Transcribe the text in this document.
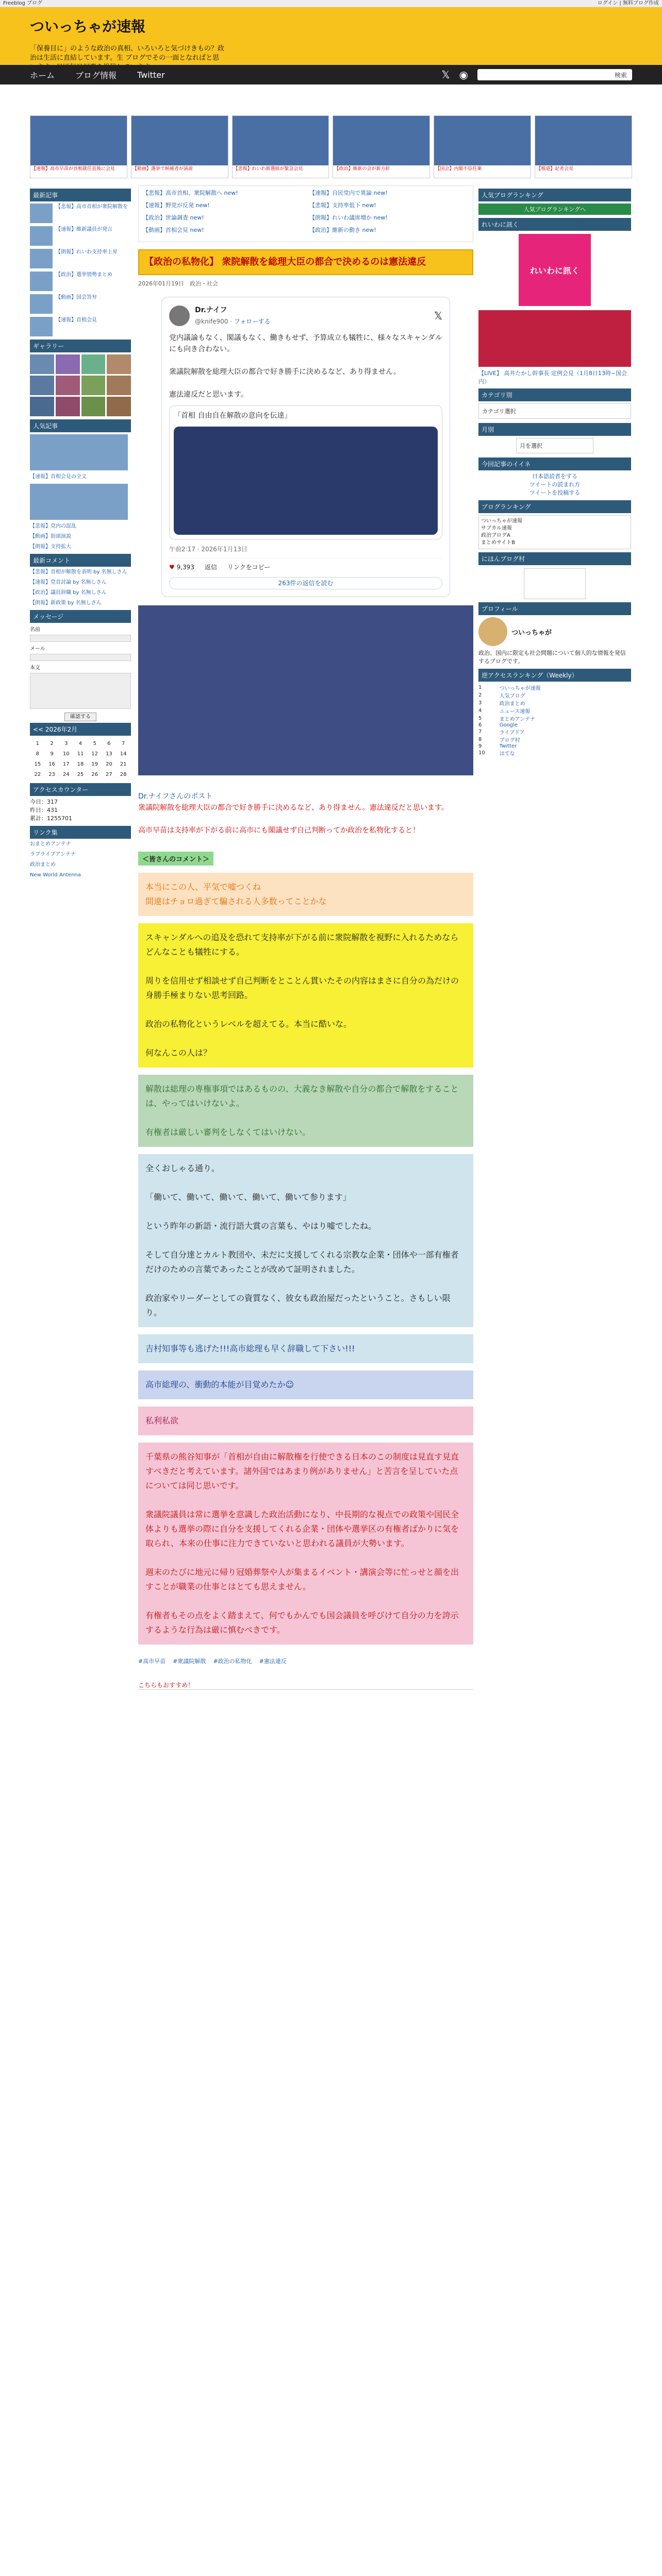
Freeblog ブログ	ログイン | 無料ブログ作成
ついっちゃが速報
「保養目に」のような政治の真相、いろいろと気づけきもの？政治は生活に直結しています。生 ブログでその一面となればと思
ホーム	ブログ情報	Twitter	𝕏 ◉	検索
【速報】高市早苗が首相就任直後に会見	【動画】選挙で候補者が演説	【悲報】れいわ新選組が緊急会見	【政治】維新の会が新方針	【国会】内閣不信任案	【報道】記者会見
最新記事
【悲報】高市首相が衆院解散を
【速報】維新議員が発言
【朗報】れいわ支持率上昇
【政治】選挙情勢まとめ
【動画】国会答弁
【速報】首相会見
ギャラリー
人気記事
【速報】首相会見の全文
【悲報】党内の混乱
【動画】街頭演説
【朗報】支持拡大
最新コメント
【悲報】首相が解散を表明 by 名無しさん
【速報】党首討論 by 名無しさん
【政治】議員辞職 by 名無しさん
【朗報】新政策 by 名無しさん
メッセージ
名前
メール
本文
確認する
<< 2026年2月
1	2	3	4	5	6	7
8	9	10	11	12	13	14
15	16	17	18	19	20	21
22	23	24	25	26	27	28
アクセスカウンター
今日：317
昨日：431
累計：1255701
リンク集
おまとめアンテナ
ラブライブアンテナ
政治まとめ
New World Antenna

【悲報】高市首相、衆院解散へ new!

【速報】野党が反発 new!

【政治】世論調査 new!

【動画】首相会見 new!

【速報】自民党内で異論 new!

【悲報】支持率低下 new!

【朗報】れいわ議席増か new!

【政治】維新の動き new!

【政治の私物化】 衆院解散を総理大臣の都合で決めるのは憲法違反
2026年01月19日　政治・社会
Dr.ナイフ
@knife900 · フォローする	𝕏

党内議論もなく、閣議もなく、働きもせず、予算成立も犠牲に、様々なスキャンダルにも向き合わない。

衆議院解散を総理大臣の都合で好き勝手に決めるなど、あり得ません。

憲法違反だと思います。

「首相 自由自在解散の意向を伝達」
午前2:17 · 2026年1月13日
♥ 9,393 返信 リンクをコピー
263件の返信を読む
Dr.ナイフさんのポスト
衆議院解散を総理大臣の都合で好き勝手に決めるなど、あり得ません。憲法違反だと思います。

高市早苗は支持率が下がる前に高市にも閣議せず自己判断ってか政治を私物化すると！
＜皆さんのコメント＞
本当にこの人、平気で嘘つくね
間違はチョロ過ぎて騙される人多数ってことかな
スキャンダルへの追及を恐れて支持率が下がる前に衆院解散を視野に入れるためならどんなことも犠牲にする。

周りを信用せず相談せず自己判断をとことん貫いたその内容はまさに自分の為だけの身勝手極まりない思考回路。

政治の私物化というレベルを超えてる。本当に酷いな。

何なんこの人は？
解散は総理の専権事項ではあるものの、大義なき解散や自分の都合で解散をすることは、やってはいけないよ。

有権者は厳しい審判をしなくてはいけない。
全くおしゃる通り。

「働いて、働いて、働いて、働いて、働いて参ります」

という昨年の新語・流行語大賞の言葉も、やはり嘘でしたね。

そして自分達とカルト教団や、未だに支援してくれる宗教な企業・団体や一部有権者だけのための言葉であったことが改めて証明されました。

政治家やリーダーとしての資質なく、彼女も政治屋だったということ。さもしい限り。
吉村知事等も逃げた!!!高市総理も早く辞職して下さい!!!
高市総理の、衝動的本能が目覚めたか☺
私利私欲
千葉県の熊谷知事が「首相が自由に解散権を行使できる日本のこの制度は見直す見直すべきだと考えています。諸外国ではあまり例がありません」と苦言を呈していた点については同じ思いです。

衆議院議員は常に選挙を意識した政治活動になり、中長期的な視点での政策や国民全体よりも選挙の際に自分を支援してくれる企業・団体や選挙区の有権者ばかりに気を取られ、本来の仕事に注力できていないと思われる議員が大勢います。

週末のたびに地元に帰り冠婚葬祭や人が集まるイベント・講演会等に忙っせと顔を出すことが職業の仕事とはとても思えません。

有権者もその点をよく踏まえて、何でもかんでも国会議員を呼びけて自分の力を誇示するような行為は厳に慎むべきです。
#高市早苗 #衆議院解散 #政治の私物化 #憲法違反
こちらもおすすめ！
人気ブログランキング
人気ブログランキングへ
れいわに訊く
れいわに訊く
【LIVE】 高井たかし幹事長 定例会見（1月8日13時~国会内）
カテゴリ別
カテゴリ選択
月別
月を選択
今回記事のイイネ
日本語読者をする
ツイートの読まれ方
ツイートを投稿する
ブログランキング
ついっちゃが速報
サブカル速報
政治ブログA
まとめサイトB
にほんブログ村
プロフィール
ついっちゃが
政治、国内に限定も社会問題について個人的な情報を発信するブログです。
逆アクセスランキング（Weekly）
1	ついっちゃが速報
2	人気ブログ
3	政治まとめ
4	ニュース速報
5	まとめアンテナ
6	Google
7	ライブドア
8	ブログ村
9	Twitter
10	はてな
